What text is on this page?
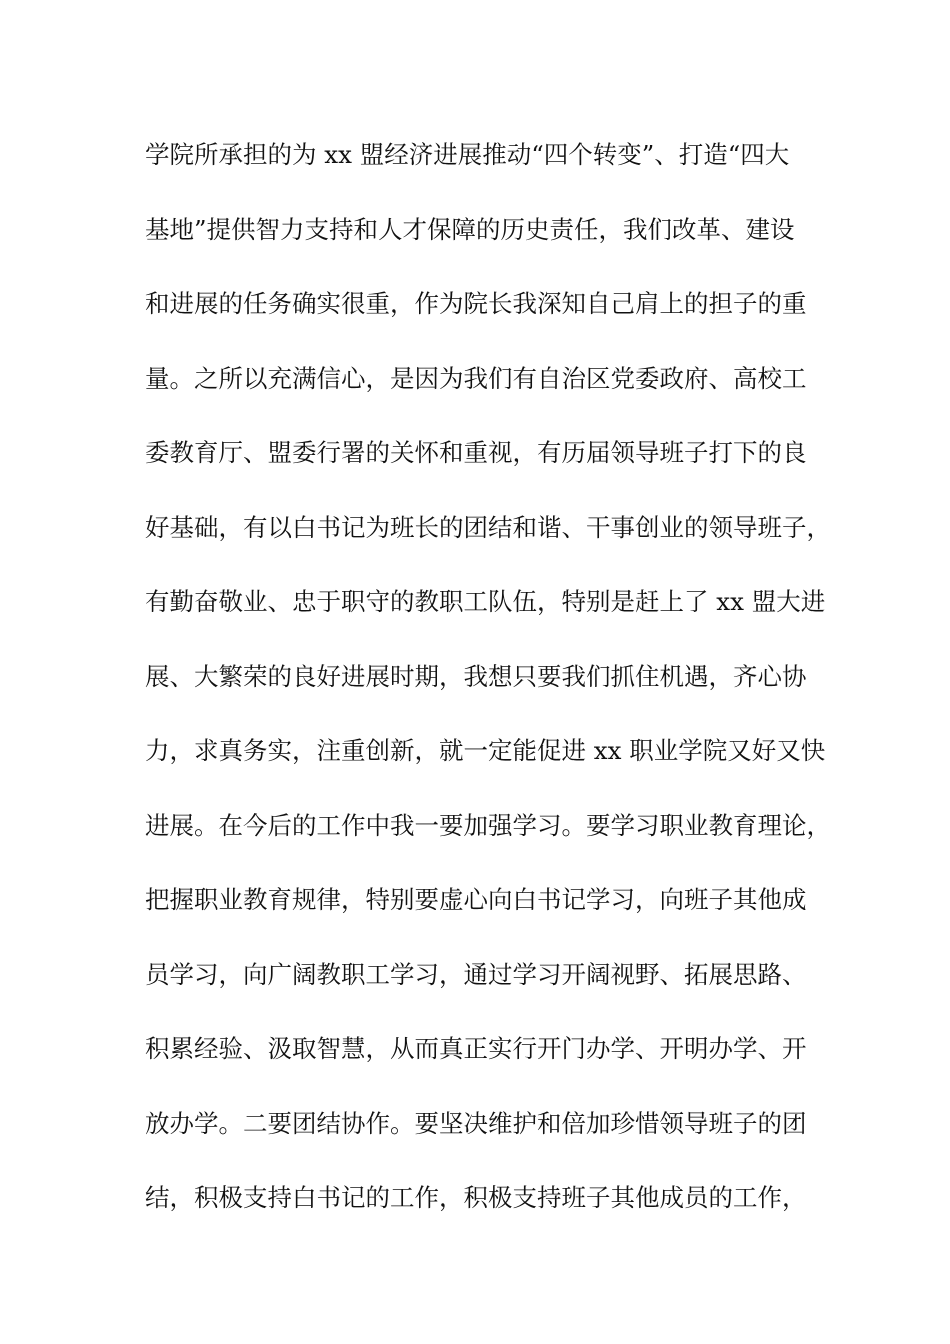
学院所承担的为 xx 盟经济进展推动“四个转变”、打造“四大
基地”提供智力支持和人才保障的历史责任，我们改革、建设
和进展的任务确实很重，作为院长我深知自己肩上的担子的重
量。之所以充满信心，是因为我们有自治区党委政府、高校工
委教育厅、盟委行署的关怀和重视，有历届领导班子打下的良
好基础，有以白书记为班长的团结和谐、干事创业的领导班子，
有勤奋敬业、忠于职守的教职工队伍，特别是赶上了 xx 盟大进
展、大繁荣的良好进展时期，我想只要我们抓住机遇，齐心协
力，求真务实，注重创新，就一定能促进 xx 职业学院又好又快
进展。在今后的工作中我一要加强学习。要学习职业教育理论，
把握职业教育规律，特别要虚心向白书记学习，向班子其他成
员学习，向广阔教职工学习，通过学习开阔视野、拓展思路、
积累经验、汲取智慧，从而真正实行开门办学、开明办学、开
放办学。二要团结协作。要坚决维护和倍加珍惜领导班子的团
结，积极支持白书记的工作，积极支持班子其他成员的工作，
